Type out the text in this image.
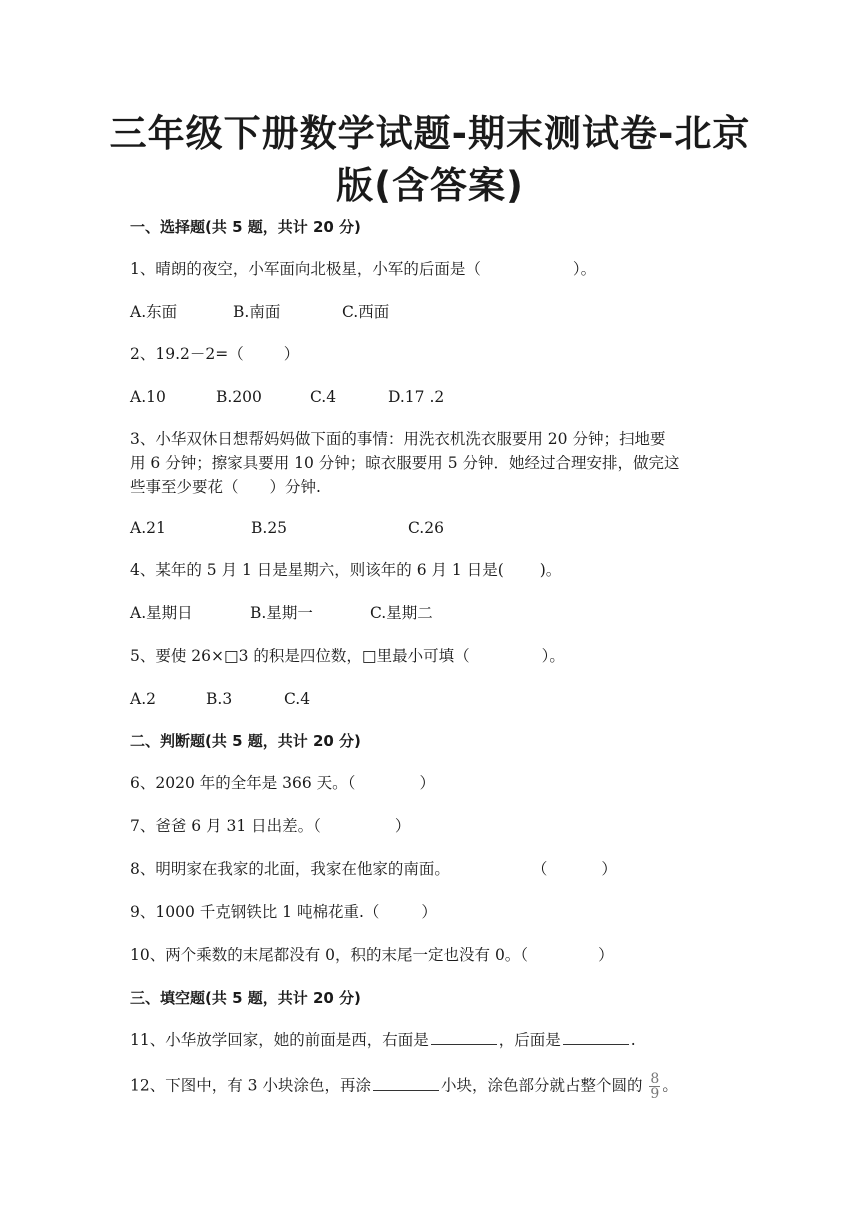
三年级下册数学试题-期末测试卷-北京
版(含答案)
一、选择题(共 5 题，共计 20 分)
1、晴朗的夜空，小军面向北极星，小军的后面是（	）。
A.东面	B.南面	C.西面
2、19.2－2=（	）
A.10	B.200	C.4	D.17 .2
3、小华双休日想帮妈妈做下面的事情：用洗衣机洗衣服要用 20 分钟；扫地要
用 6 分钟；擦家具要用 10 分钟；晾衣服要用 5 分钟．她经过合理安排，做完这
些事至少要花（　　）分钟.
A.21	B.25	C.26
4、某年的 5 月 1 日是星期六，则该年的 6 月 1 日是(　　 )。
A.星期日	B.星期一	C.星期二
5、要使 26×□3 的积是四位数，□里最小可填（	）。
A.2	B.3	C.4
二、判断题(共 5 题，共计 20 分)
6、2020 年的全年是 366 天。（	）
7、爸爸 6 月 31 日出差。（	）
8、明明家在我家的北面，我家在他家的南面。	（	）
9、1000 千克钢铁比 1 吨棉花重.（	）
10、两个乘数的末尾都没有 0，积的末尾一定也没有 0。（	）
三、填空题(共 5 题，共计 20 分)
11、小华放学回家，她的前面是西，右面是	，后面是	.
12、下图中，有 3 小块涂色，再涂	小块，涂色部分就占整个圆的 $\frac{8}{9}$ 。
